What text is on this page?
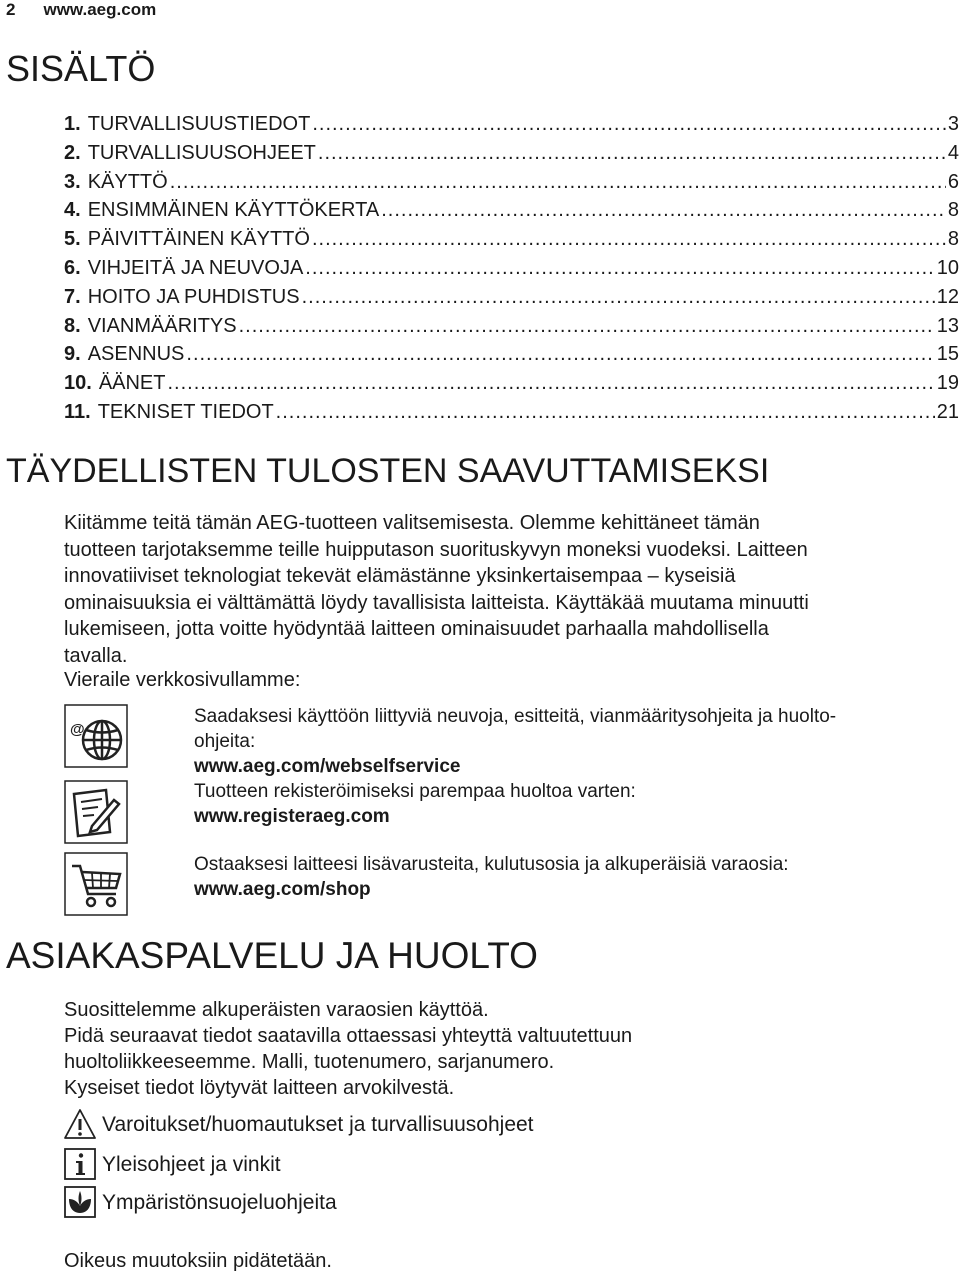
2 www.aeg.com
SISÄLTÖ
1. TURVALLISUUSTIEDOT .....	3
2. TURVALLISUUSOHJEET .....	4
3. KÄYTTÖ .....	6
4. ENSIMMÄINEN KÄYTTÖKERTA .....	8
5. PÄIVITTÄINEN KÄYTTÖ .....	8
6. VIHJEITÄ JA NEUVOJA .....	10
7. HOITO JA PUHDISTUS .....	12
8. VIANMÄÄRITYS .....	13
9. ASENNUS .....	15
10. ÄÄNET .....	19
11. TEKNISET TIEDOT .....	21
TÄYDELLISTEN TULOSTEN SAAVUTTAMISEKSI

Kiitämme teitä tämän AEG-tuotteen valitsemisesta. Olemme kehittäneet tämän
tuotteen tarjotaksemme teille huipputason suorituskyvyn moneksi vuodeksi. Laitteen
innovatiiviset teknologiat tekevät elämästänne yksinkertaisempaa – kyseisiä
ominaisuuksia ei välttämättä löydy tavallisista laitteista. Käyttäkää muutama minuutti
lukemiseen, jotta voitte hyödyntää laitteen ominaisuudet parhaalla mahdollisella
tavalla.

Vieraile verkkosivullamme:
@
Saadaksesi käyttöön liittyviä neuvoja, esitteitä, vianmääritysohjeita ja huolto-
ohjeita:
www.aeg.com/webselfservice
Tuotteen rekisteröimiseksi parempaa huoltoa varten:
www.registeraeg.com
Ostaaksesi laitteesi lisävarusteita, kulutusosia ja alkuperäisiä varaosia:
www.aeg.com/shop
ASIAKASPALVELU JA HUOLTO
Suosittelemme alkuperäisten varaosien käyttöä.
Pidä seuraavat tiedot saatavilla ottaessasi yhteyttä valtuutettuun
huoltoliikkeeseemme. Malli, tuotenumero, sarjanumero.
Kyseiset tiedot löytyvät laitteen arvokilvestä.
Varoitukset/huomautukset ja turvallisuusohjeet
Yleisohjeet ja vinkit
Ympäristönsuojeluohjeita
Oikeus muutoksiin pidätetään.
